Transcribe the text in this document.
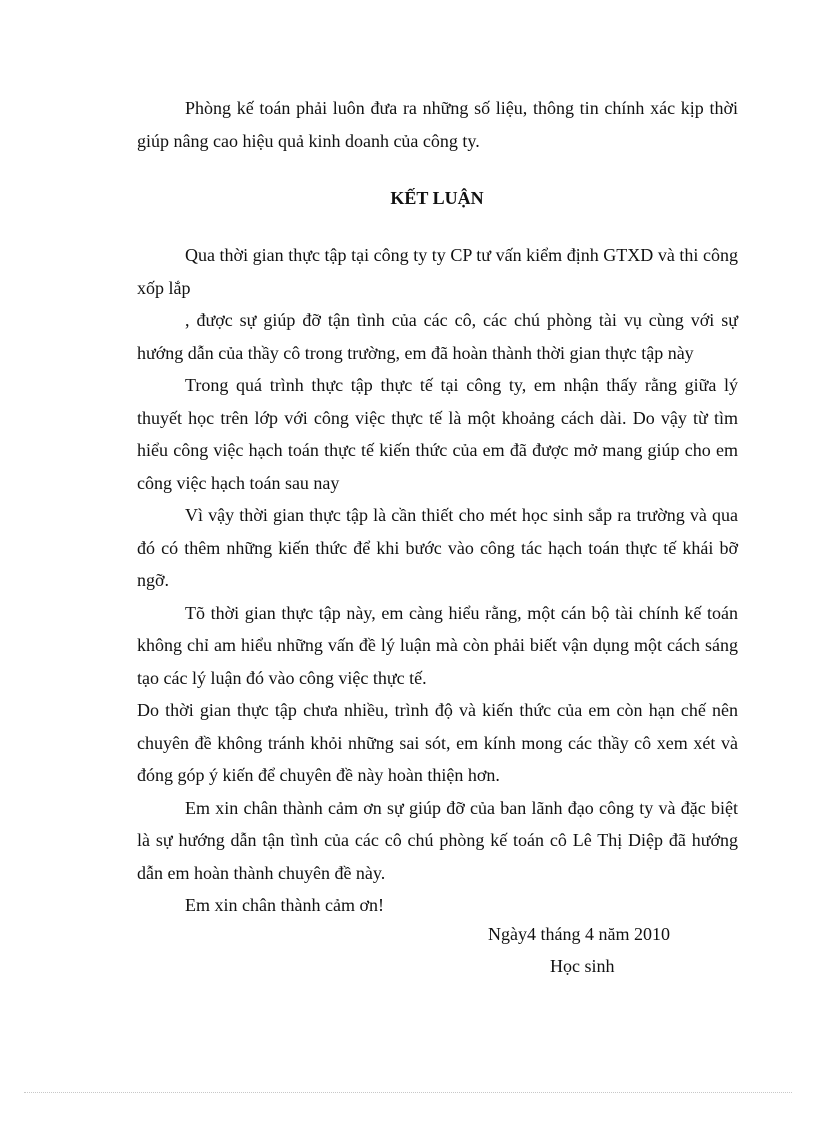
Phòng kế toán phải luôn đưa ra những số liệu, thông tin chính xác kịp thời giúp nâng cao hiệu quả kinh doanh của công ty.

KẾT LUẬN

Qua thời gian thực tập tại công ty ty CP tư vấn kiểm định GTXD và thi công xốp lắp

, được sự giúp đỡ tận tình của các cô, các chú phòng tài vụ cùng với sự hướng dẫn của thầy cô trong trường, em đã hoàn thành thời gian thực tập này

Trong quá trình thực tập thực tế tại công ty, em nhận thấy rằng giữa lý thuyết học trên lớp với công việc thực tế là một khoảng cách dài. Do vậy từ tìm hiểu công việc hạch toán thực tế kiến thức của em đã được mở mang giúp cho em công việc hạch toán sau nay

Vì vậy thời gian thực tập là cần thiết cho mét học sinh sắp ra trường và qua đó có thêm những kiến thức để khi bước vào công tác hạch toán thực tế khái bỡ ngỡ.

Tõ thời gian thực tập này, em càng hiểu rằng, một cán bộ tài chính kế toán không chỉ am hiểu những vấn đề lý luận mà còn phải biết vận dụng một cách sáng tạo các lý luận đó vào công việc thực tế.

Do thời gian thực tập chưa nhiều, trình độ và kiến thức của em còn hạn chế nên chuyên đề không tránh khỏi những sai sót, em kính mong các thầy cô xem xét và đóng góp ý kiến để chuyên đề này hoàn thiện hơn.

Em xin chân thành cảm ơn sự giúp đỡ của ban lãnh đạo công ty và đặc biệt là sự hướng dẫn tận tình của các cô chú phòng kế toán cô Lê Thị Diệp đã hướng dẫn em hoàn thành chuyên đề này.

Em xin chân thành cảm ơn!

Ngày4 tháng 4 năm 2010
Học sinh
